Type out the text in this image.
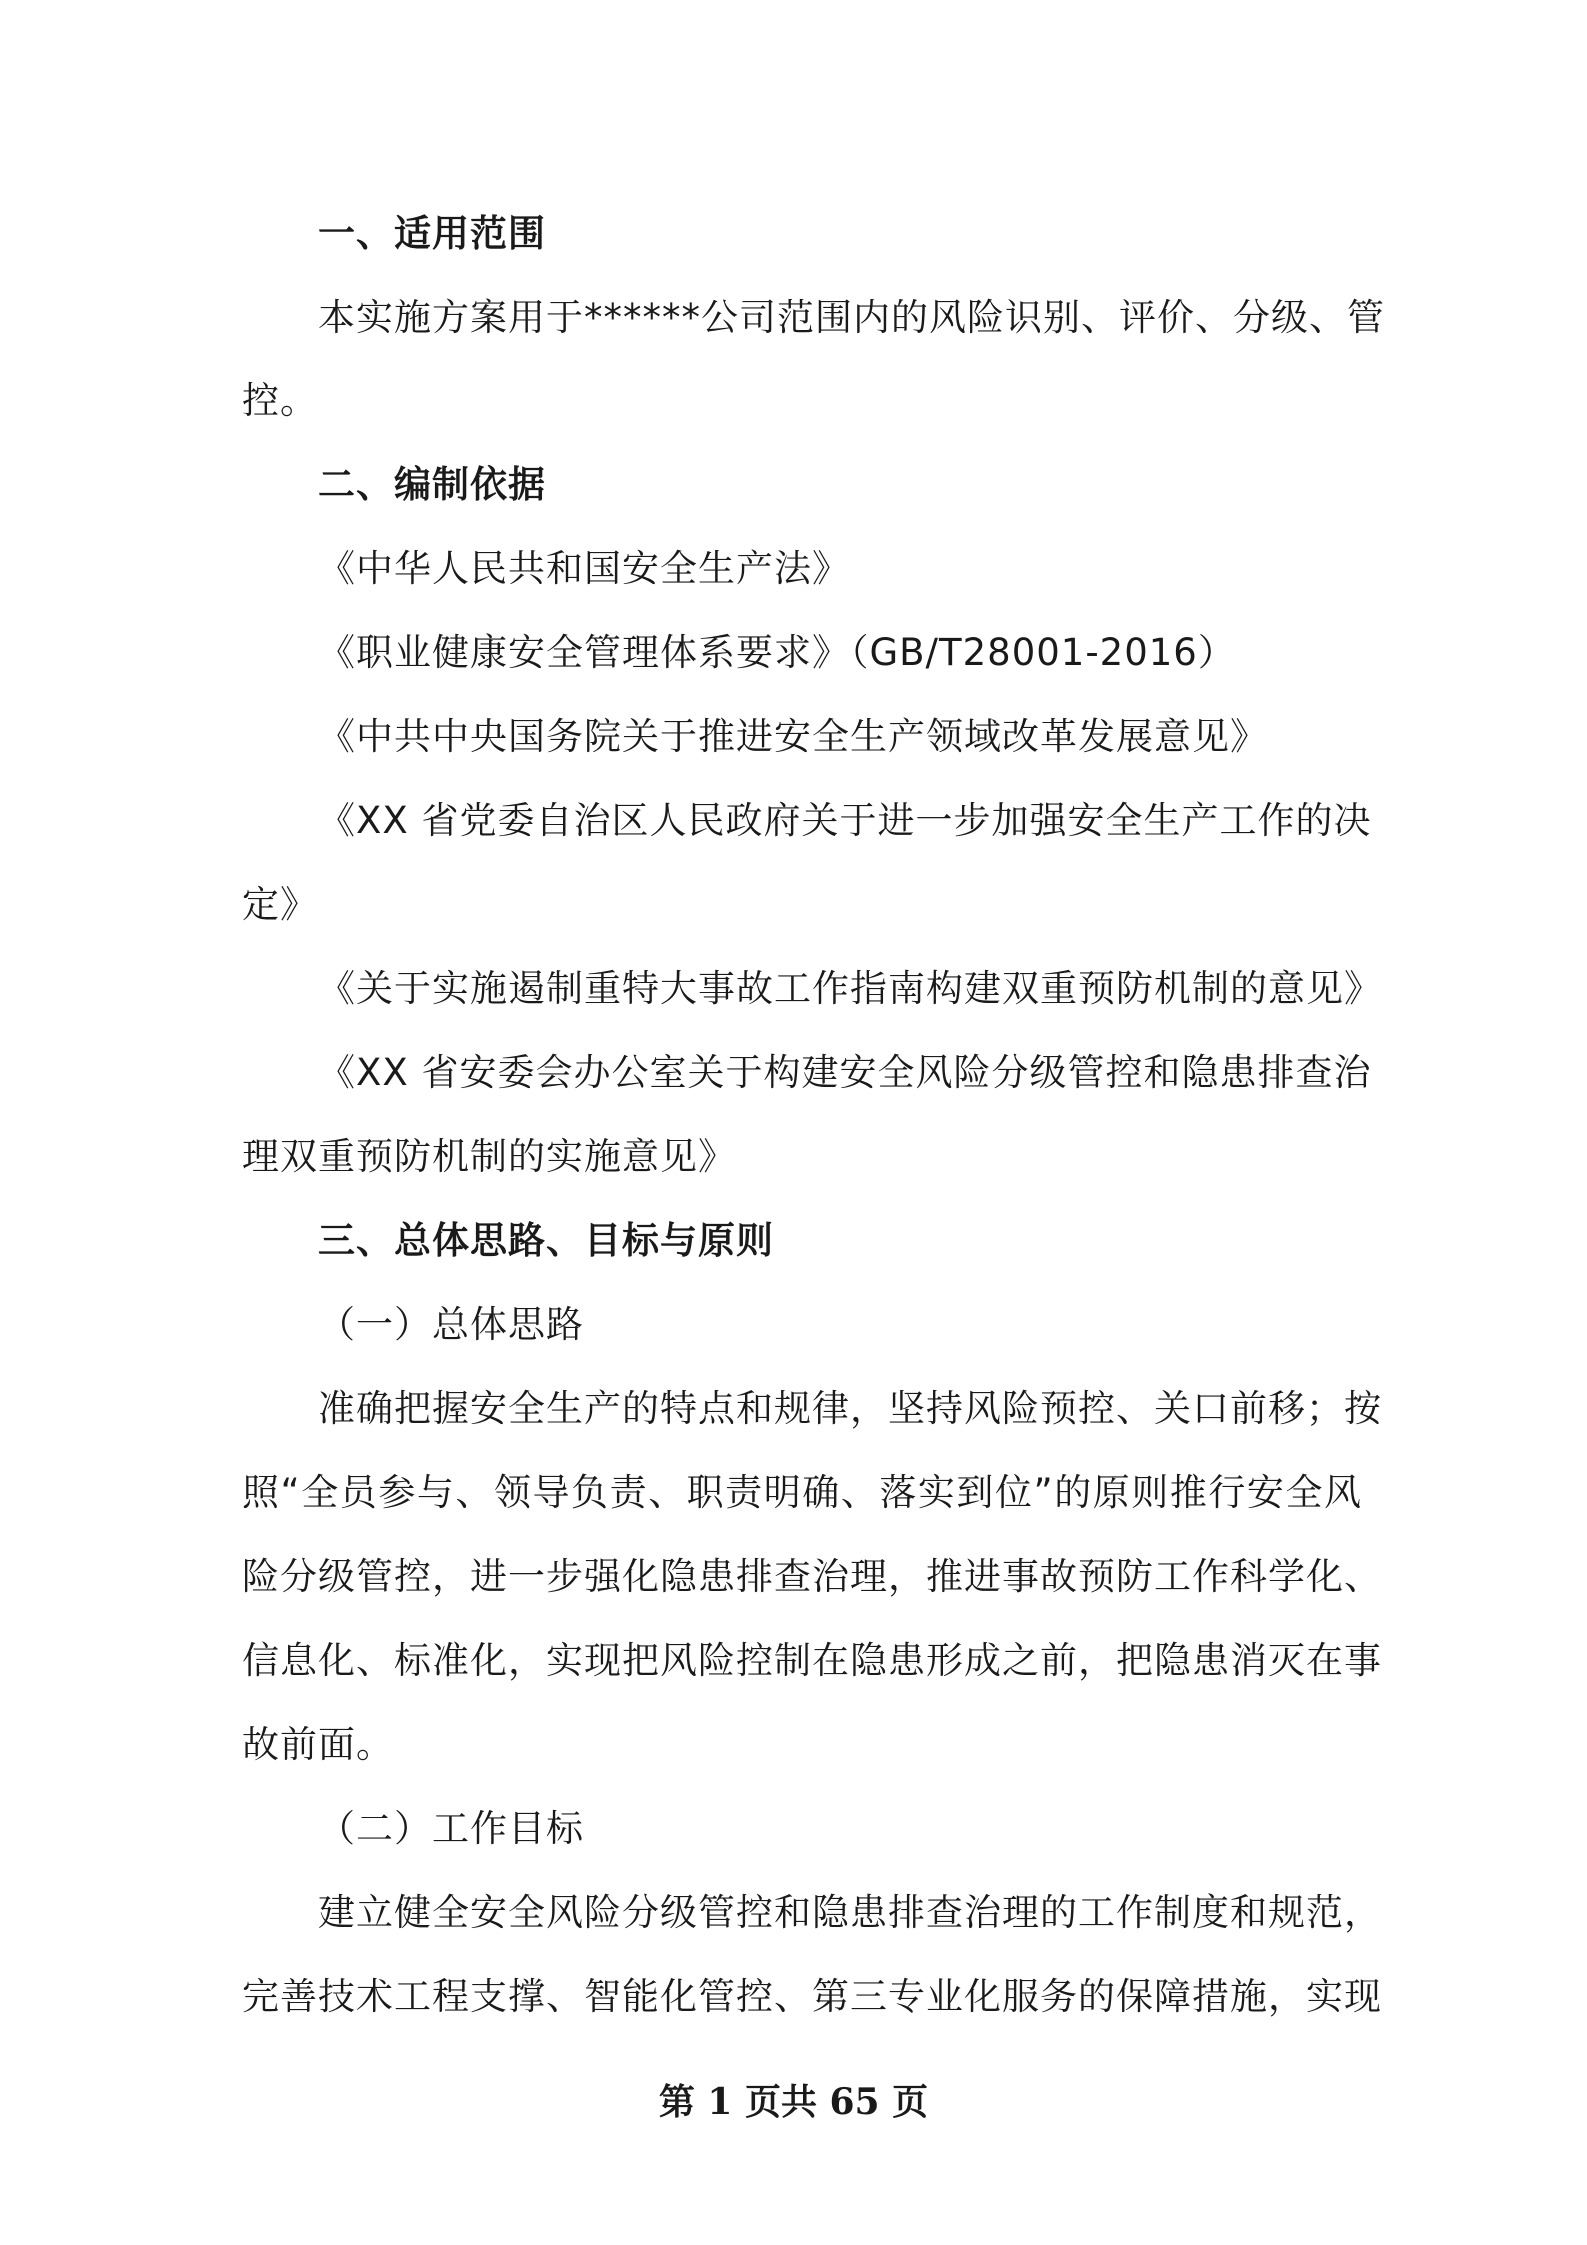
一、适用范围
本实施方案用于******公司范围内的风险识别、评价、分级、管
控。
二、编制依据
《中华人民共和国安全生产法》
《职业健康安全管理体系要求》（GB/T28001-2016）
《中共中央国务院关于推进安全生产领域改革发展意见》
《XX 省党委自治区人民政府关于进一步加强安全生产工作的决
定》
《关于实施遏制重特大事故工作指南构建双重预防机制的意见》
《XX 省安委会办公室关于构建安全风险分级管控和隐患排查治
理双重预防机制的实施意见》
三、总体思路、目标与原则
（一）总体思路
准确把握安全生产的特点和规律，坚持风险预控、关口前移；按
照“全员参与、领导负责、职责明确、落实到位”的原则推行安全风
险分级管控，进一步强化隐患排查治理，推进事故预防工作科学化、
信息化、标准化，实现把风险控制在隐患形成之前，把隐患消灭在事
故前面。
（二）工作目标
建立健全安全风险分级管控和隐患排查治理的工作制度和规范，
完善技术工程支撑、智能化管控、第三专业化服务的保障措施，实现
第 1 页共 65 页
